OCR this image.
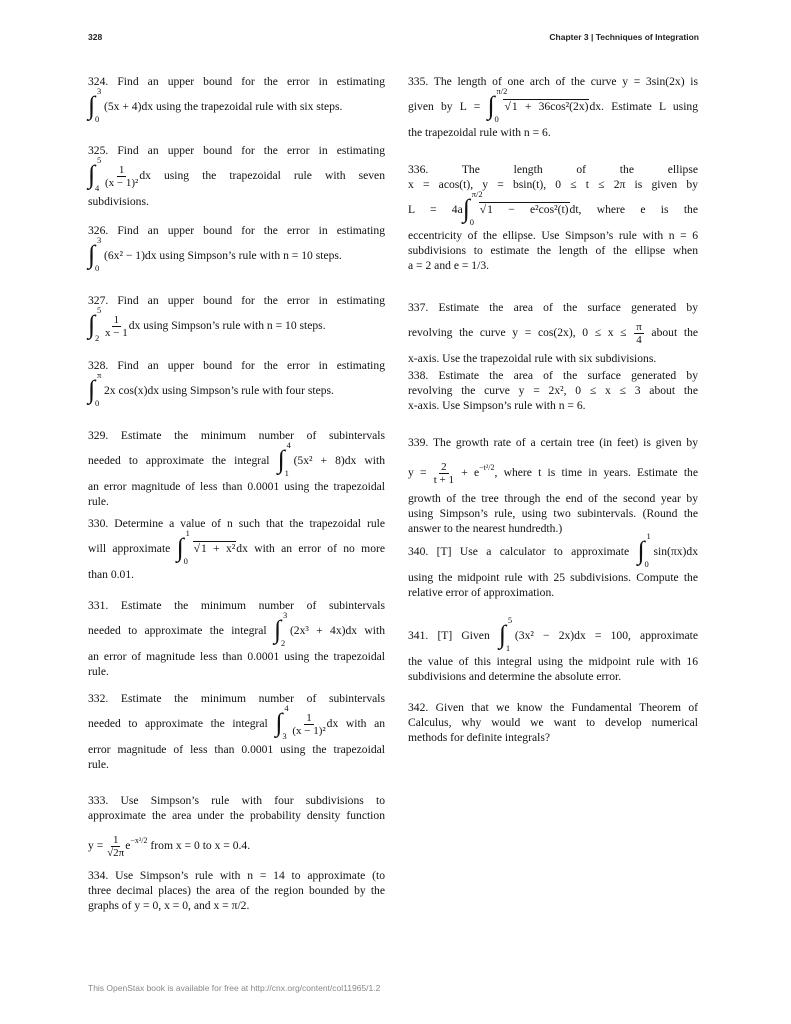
328	Chapter 3 | Techniques of Integration
324. Find an upper bound for the error in estimating
∫ 3
0
(5x + 4)dx using the trapezoidal rule with six steps.
325. Find an upper bound for the error in estimating
∫ 5
$4 \frac{1}{\text{(x − 1)²}}$ dx using the trapezoidal rule with seven
subdivisions.
326. Find an upper bound for the error in estimating
∫ 3
0
(6x² − 1)dx using Simpson’s rule with n = 10 steps.
327. Find an upper bound for the error in estimating
∫ 5
$2 \frac{1}{x - 1}$ dx using Simpson’s rule with n = 10 steps.
328. Find an upper bound for the error in estimating
∫ π
0
2x cos(x)dx using Simpson’s rule with four steps.
329. Estimate the minimum number of subintervals
needed to approximate the integral ∫ 4
1
(5x² + 8)dx with
an error magnitude of less than 0.0001 using the trapezoidal
rule.
330. Determine a value of n such that the trapezoidal rule
will approximate ∫ 1
0
√ 1 + x²dx with an error of no more
than 0.01.
331. Estimate the minimum number of subintervals
needed to approximate the integral ∫ 3
2
(2x³ + 4x)dx with
an error of magnitude less than 0.0001 using the trapezoidal
rule.
332. Estimate the minimum number of subintervals
needed to approximate the integral ∫ 4
$3 \frac{1}{\text{(x − 1)²}}$ dx with an
error magnitude of less than 0.0001 using the trapezoidal
rule.
333. Use Simpson’s rule with four subdivisions to
approximate the area under the probability density function
$y = \frac{1}{√2\pi} e^{-x^2/2}$ from x = 0 to x = 0.4.
334. Use Simpson’s rule with n = 14 to approximate (to
three decimal places) the area of the region bounded by the
graphs of y = 0, x = 0, and x = π/2.
335. The length of one arch of the curve y = 3sin(2x) is
given by L = ∫ π/2
0
√ 1 + 36cos²(2x)dx. Estimate L using
the trapezoidal rule with n = 6.
336. The length of the ellipse
x = acos(t), y = bsin(t), 0 ≤ t ≤ 2π is given by
L = 4a ∫ π/2
0
√ 1 − e²cos²(t)dt, where e is the
eccentricity of the ellipse. Use Simpson’s rule with n = 6
subdivisions to estimate the length of the ellipse when
a = 2 and e = 1/3.
337. Estimate the area of the surface generated by
revolving the curve y = cos(2x), $0 \le x \le \frac{\pi}{4}$ about the
x-axis. Use the trapezoidal rule with six subdivisions.
338. Estimate the area of the surface generated by
revolving the curve y = 2x², 0 ≤ x ≤ 3 about the
x-axis. Use Simpson’s rule with n = 6.
339. The growth rate of a certain tree (in feet) is given by
$y = \frac{2}{t + 1} + e^{-t^2/2}$, where t is time in years. Estimate the
growth of the tree through the end of the second year by
using Simpson’s rule, using two subintervals. (Round the
answer to the nearest hundredth.)
340. [T] Use a calculator to approximate ∫ 1
0
sin(πx)dx
using the midpoint rule with 25 subdivisions. Compute the
relative error of approximation.
341. [T] Given ∫ 5
1
(3x² − 2x)dx = 100, approximate
the value of this integral using the midpoint rule with 16
subdivisions and determine the absolute error.
342. Given that we know the Fundamental Theorem of
Calculus, why would we want to develop numerical
methods for definite integrals?
This OpenStax book is available for free at http://cnx.org/content/col11965/1.2
